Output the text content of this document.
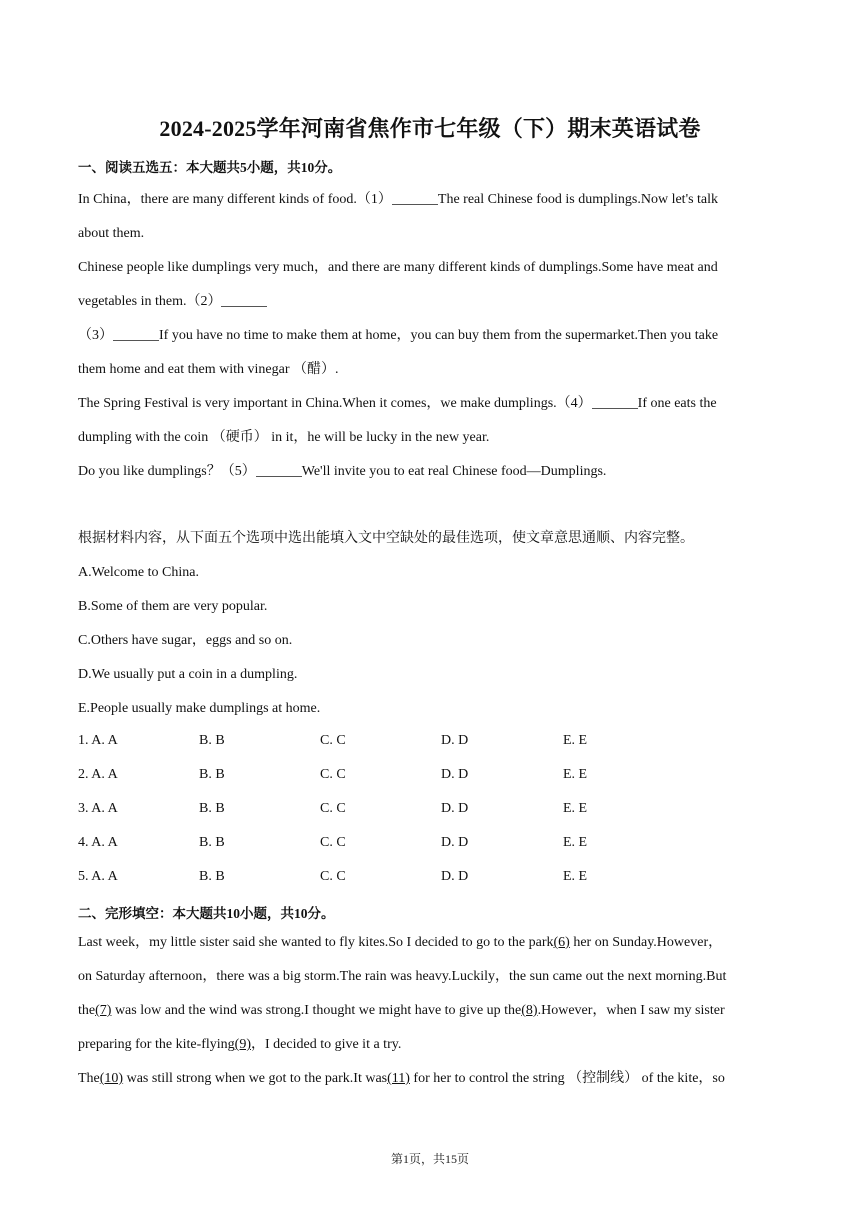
2024-2025学年河南省焦作市七年级（下）期末英语试卷
一、阅读五选五：本大题共5小题，共10分。
In China，there are many different kinds of food.（1）	The real Chinese food is dumplings.Now let's talk
about them.
Chinese people like dumplings very much，and there are many different kinds of dumplings.Some have meat and
vegetables in them.（2）
（3）	If you have no time to make them at home，you can buy them from the supermarket.Then you take
them home and eat them with vinegar （醋）.
The Spring Festival is very important in China.When it comes，we make dumplings.（4）	If one eats the
dumpling with the coin （硬币） in it，he will be lucky in the new year.
Do you like dumplings？（5）	We'll invite you to eat real Chinese food—Dumplings.
根据材料内容，从下面五个选项中选出能填入文中空缺处的最佳选项，使文章意思通顺、内容完整。
A.Welcome to China.
B.Some of them are very popular.
C.Others have sugar，eggs and so on.
D.We usually put a coin in a dumpling.
E.People usually make dumplings at home.
1. A. A	B. B	C. C	D. D	E. E
2. A. A	B. B	C. C	D. D	E. E
3. A. A	B. B	C. C	D. D	E. E
4. A. A	B. B	C. C	D. D	E. E
5. A. A	B. B	C. C	D. D	E. E
二、完形填空：本大题共10小题，共10分。
Last week，my little sister said she wanted to fly kites.So I decided to go to the park(6) her on Sunday.However，
on Saturday afternoon，there was a big storm.The rain was heavy.Luckily，the sun came out the next morning.But
the(7) was low and the wind was strong.I thought we might have to give up the(8).However，when I saw my sister
preparing for the kite-flying(9)，I decided to give it a try.
The(10) was still strong when we got to the park.It was(11) for her to control the string （控制线） of the kite，so
第1页，共15页
